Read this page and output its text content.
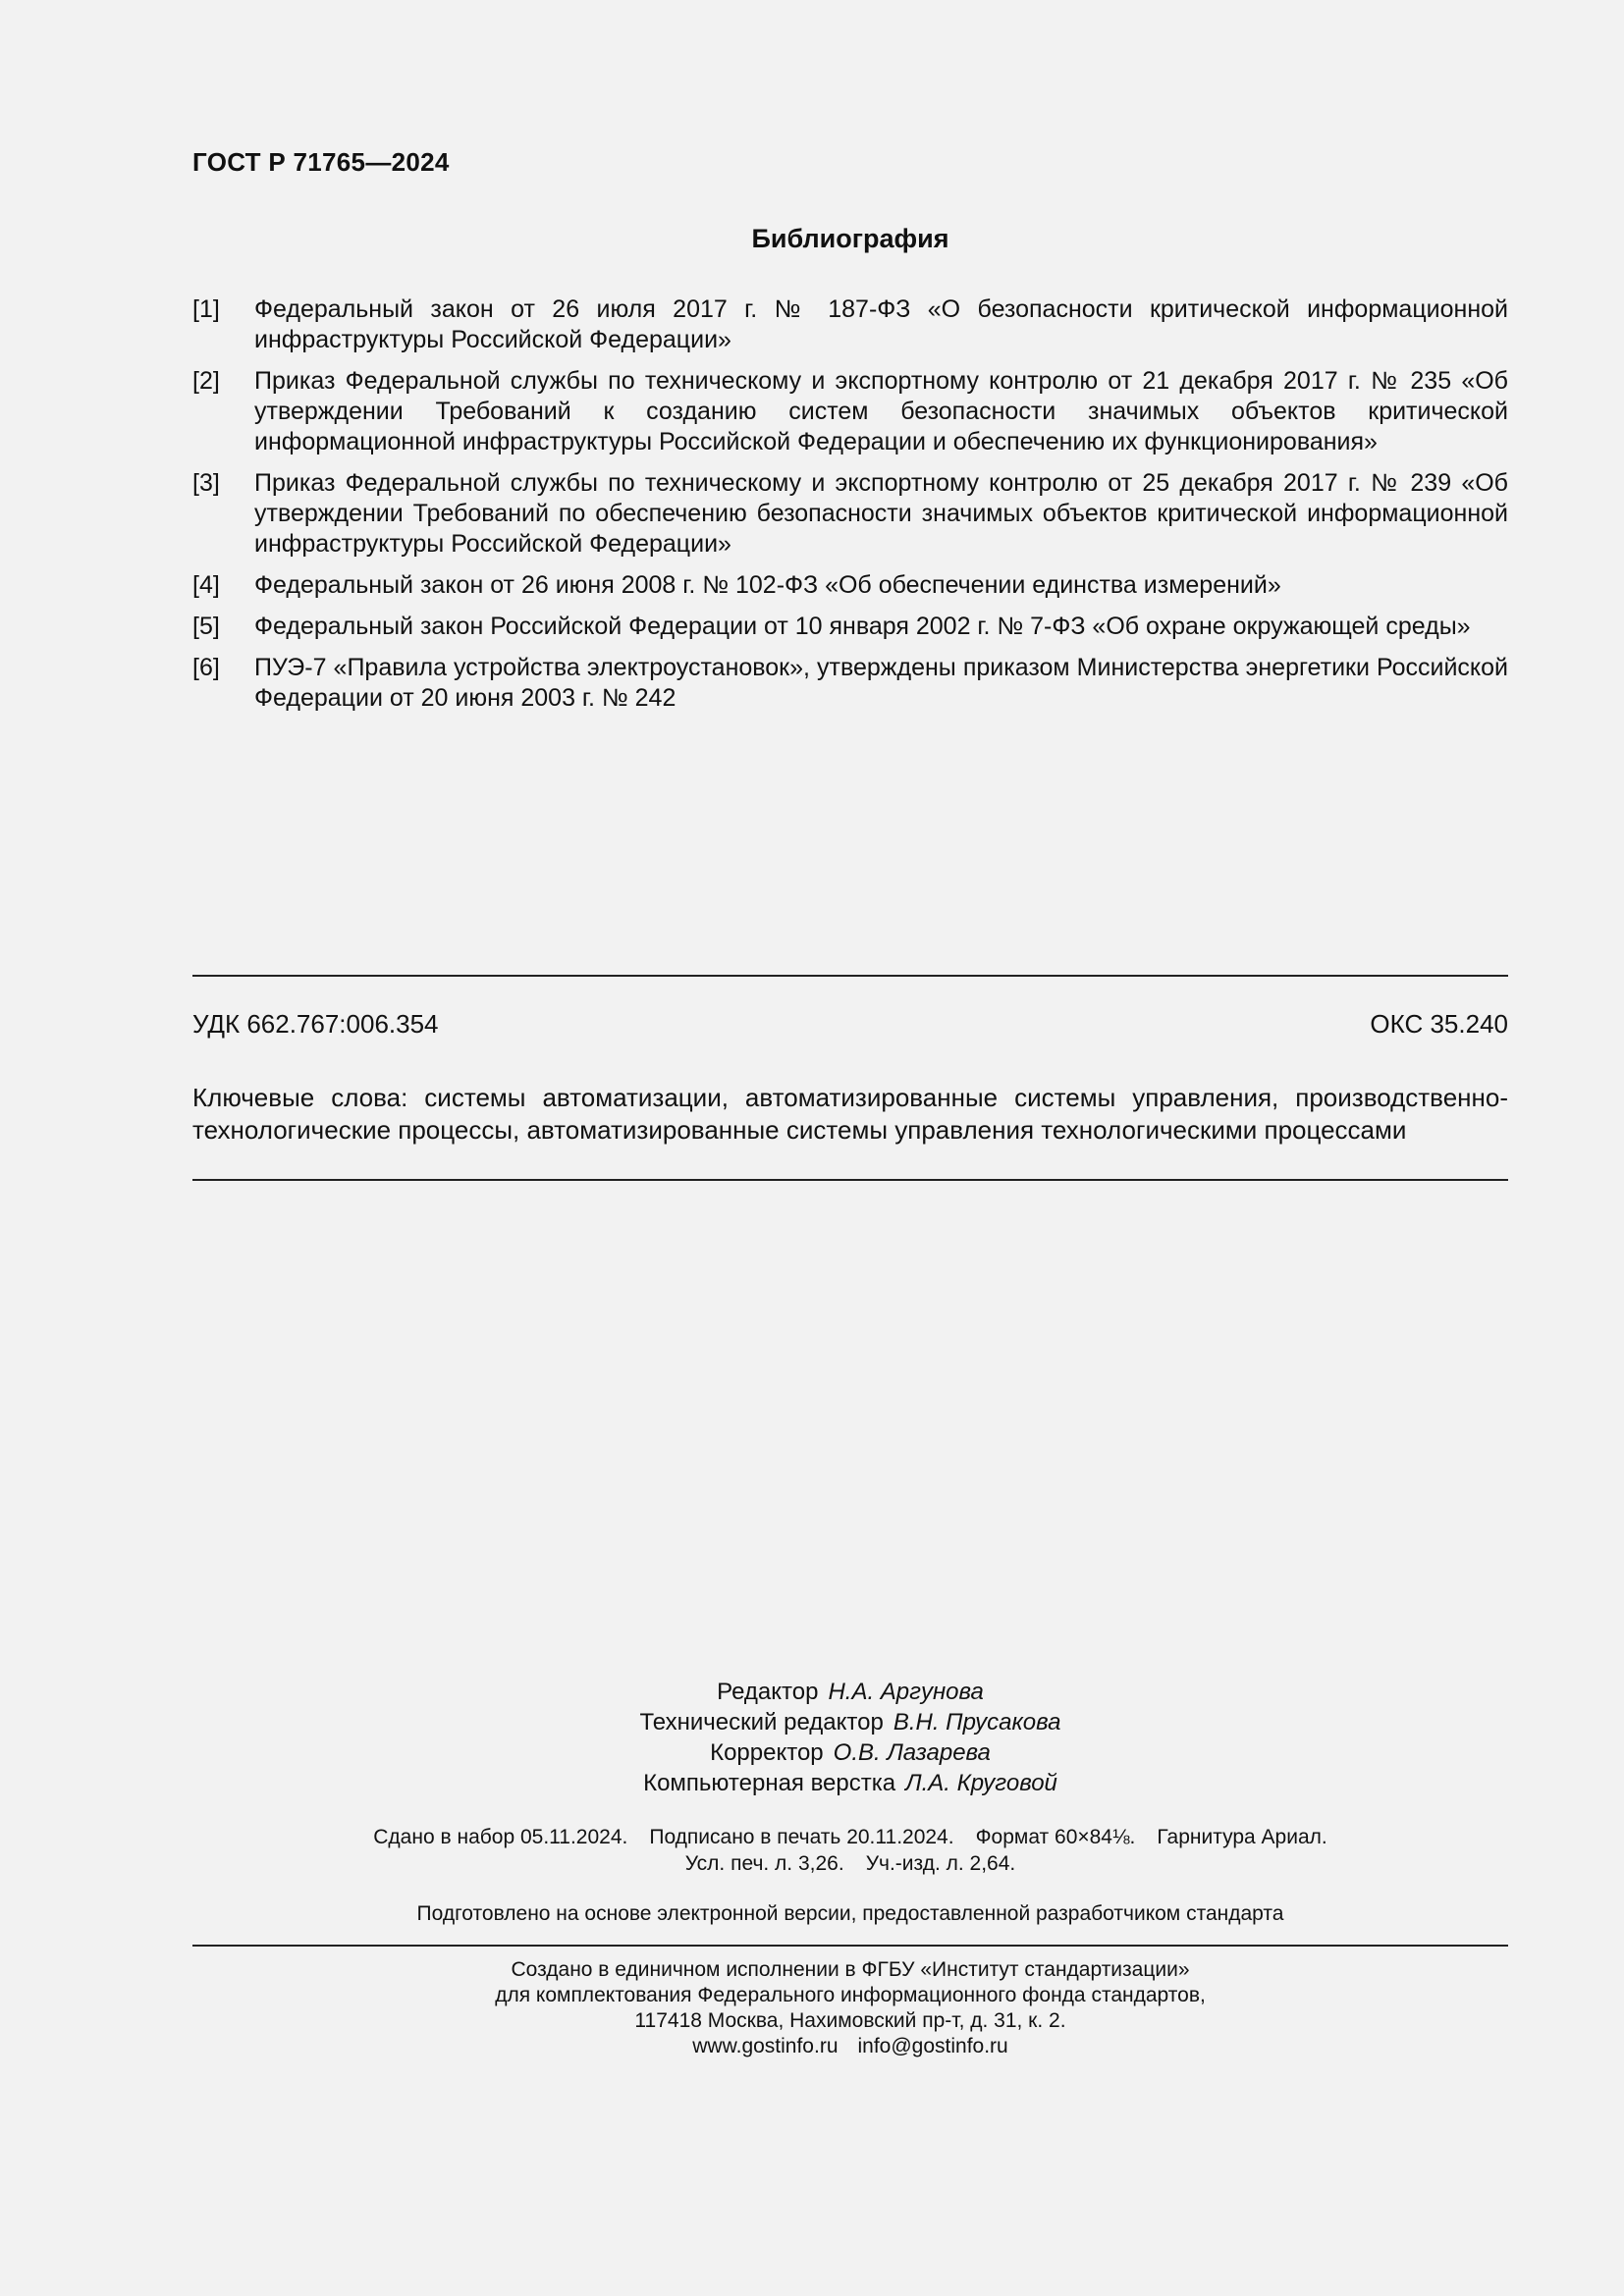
ГОСТ Р 71765—2024
Библиография
[1]	Федеральный закон от 26 июля 2017 г. № 187-ФЗ «О безопасности критической информационной инфраструктуры Российской Федерации»
[2]	Приказ Федеральной службы по техническому и экспортному контролю от 21 декабря 2017 г. № 235 «Об утверждении Требований к созданию систем безопасности значимых объектов критической информационной инфраструктуры Российской Федерации и обеспечению их функционирования»
[3]	Приказ Федеральной службы по техническому и экспортному контролю от 25 декабря 2017 г. № 239 «Об утверждении Требований по обеспечению безопасности значимых объектов критической информационной инфраструктуры Российской Федерации»
[4]	Федеральный закон от 26 июня 2008 г. № 102-ФЗ «Об обеспечении единства измерений»
[5]	Федеральный закон Российской Федерации от 10 января 2002 г. № 7-ФЗ «Об охране окружающей среды»
[6]	ПУЭ-7 «Правила устройства электроустановок», утверждены приказом Министерства энергетики Российской Федерации от 20 июня 2003 г. № 242
УДК 662.767:006.354	ОКС 35.240
Ключевые слова: системы автоматизации, автоматизированные системы управления, производственно-технологические процессы, автоматизированные системы управления технологическими процессами
Редактор Н.А. Аргунова
Технический редактор В.Н. Прусакова
Корректор О.В. Лазарева
Компьютерная верстка Л.А. Круговой
Сдано в набор 05.11.2024. Подписано в печать 20.11.2024. Формат 60×84⅛. Гарнитура Ариал.
Усл. печ. л. 3,26. Уч.-изд. л. 2,64.
Подготовлено на основе электронной версии, предоставленной разработчиком стандарта
Создано в единичном исполнении в ФГБУ «Институт стандартизации»
для комплектования Федерального информационного фонда стандартов,
117418 Москва, Нахимовский пр-т, д. 31, к. 2.
www.gostinfo.ru info@gostinfo.ru
